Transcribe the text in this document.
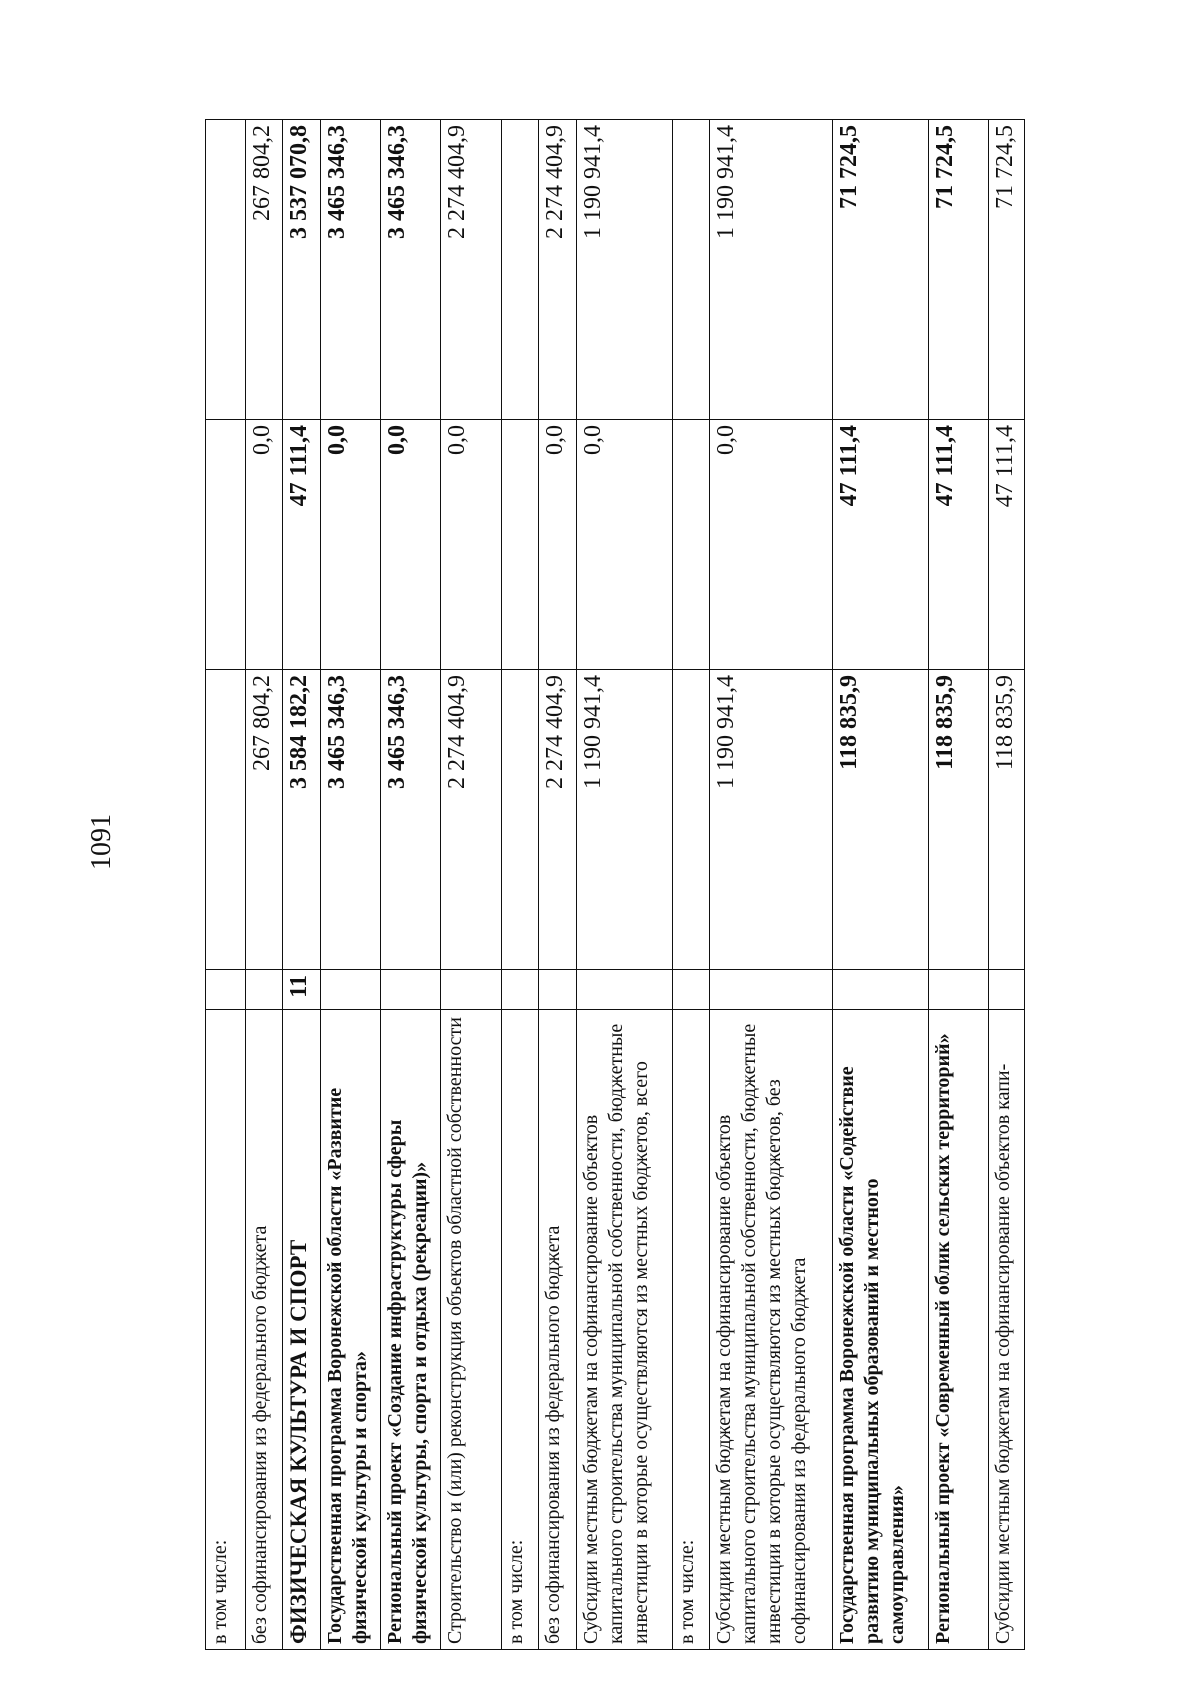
1091
в том числе:				
без софинансирования из федерального бюджета		267 804,2	0,0	267 804,2
ФИЗИЧЕСКАЯ КУЛЬТУРА И СПОРТ	11	3 584 182,2	47 111,4	3 537 070,8
Государственная программа Воронежской области «Развитие физической культуры и спорта»		3 465 346,3	0,0	3 465 346,3
Региональный проект «Создание инфраструктуры сферы физической культуры, спорта и отдыха (рекреации)»		3 465 346,3	0,0	3 465 346,3
Строительство и (или) реконструкция объектов областной собственности		2 274 404,9	0,0	2 274 404,9
в том числе:				
без софинансирования из федерального бюджета		2 274 404,9	0,0	2 274 404,9
Субсидии местным бюджетам на софинансирование объектов капитального строительства муниципальной собственности, бюджетные инвестиции в которые осуществляются из местных бюджетов, всего		1 190 941,4	0,0	1 190 941,4
в том числе:				
Субсидии местным бюджетам на софинансирование объектов капитального строительства муниципальной собственности, бюджетные инвестиции в которые осуществляются из местных бюджетов, без софинансирования из федерального бюджета		1 190 941,4	0,0	1 190 941,4
Государственная программа Воронежской области «Содействие развитию муниципальных образований и местного самоуправления»		118 835,9	47 111,4	71 724,5
Региональный проект «Современный облик сельских территорий»		118 835,9	47 111,4	71 724,5
Субсидии местным бюджетам на софинансирование объектов капи-		118 835,9	47 111,4	71 724,5
